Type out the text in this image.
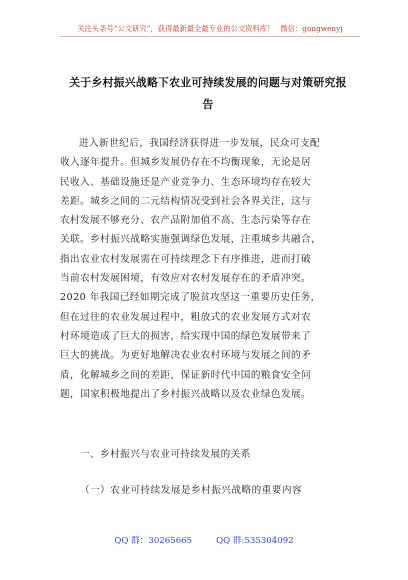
关注头条号“公文研究”，获得最新最全最专业的公文资料库！ 微信：gongwenyj
关于乡村振兴战略下农业可持续发展的问题与对策研究报
告
进入新世纪后，我国经济获得进一步发展，民众可支配
收入逐年提升。但城乡发展仍存在不均衡现象，无论是居
民收入、基础设施还是产业竞争力、生态环境均存在较大
差距。城乡之间的二元结构情况受到社会各界关注，这与
农村发展不够充分、农产品附加值不高、生态污染等存在
关联。乡村振兴战略实施强调绿色发展，注重城乡共融合，
指出农业农村发展需在可持续理念下有序推进，进而打破
当前农村发展困境，有效应对农村发展存在的矛盾冲突。
2020 年我国已经如期完成了脱贫攻坚这一重要历史任务，
但在过往的农业发展过程中，粗放式的农业发展方式对农
村环境造成了巨大的损害，给实现中国的绿色发展带来了
巨大的挑战。为更好地解决农业农村环境与发展之间的矛
盾，化解城乡之间的差距，保证新时代中国的粮食安全问
题，国家积极地提出了乡村振兴战略以及农业绿色发展。
一、乡村振兴与农业可持续发展的关系
（一）农业可持续发展是乡村振兴战略的重要内容
QQ 群：30265665	QQ 群:535304092
